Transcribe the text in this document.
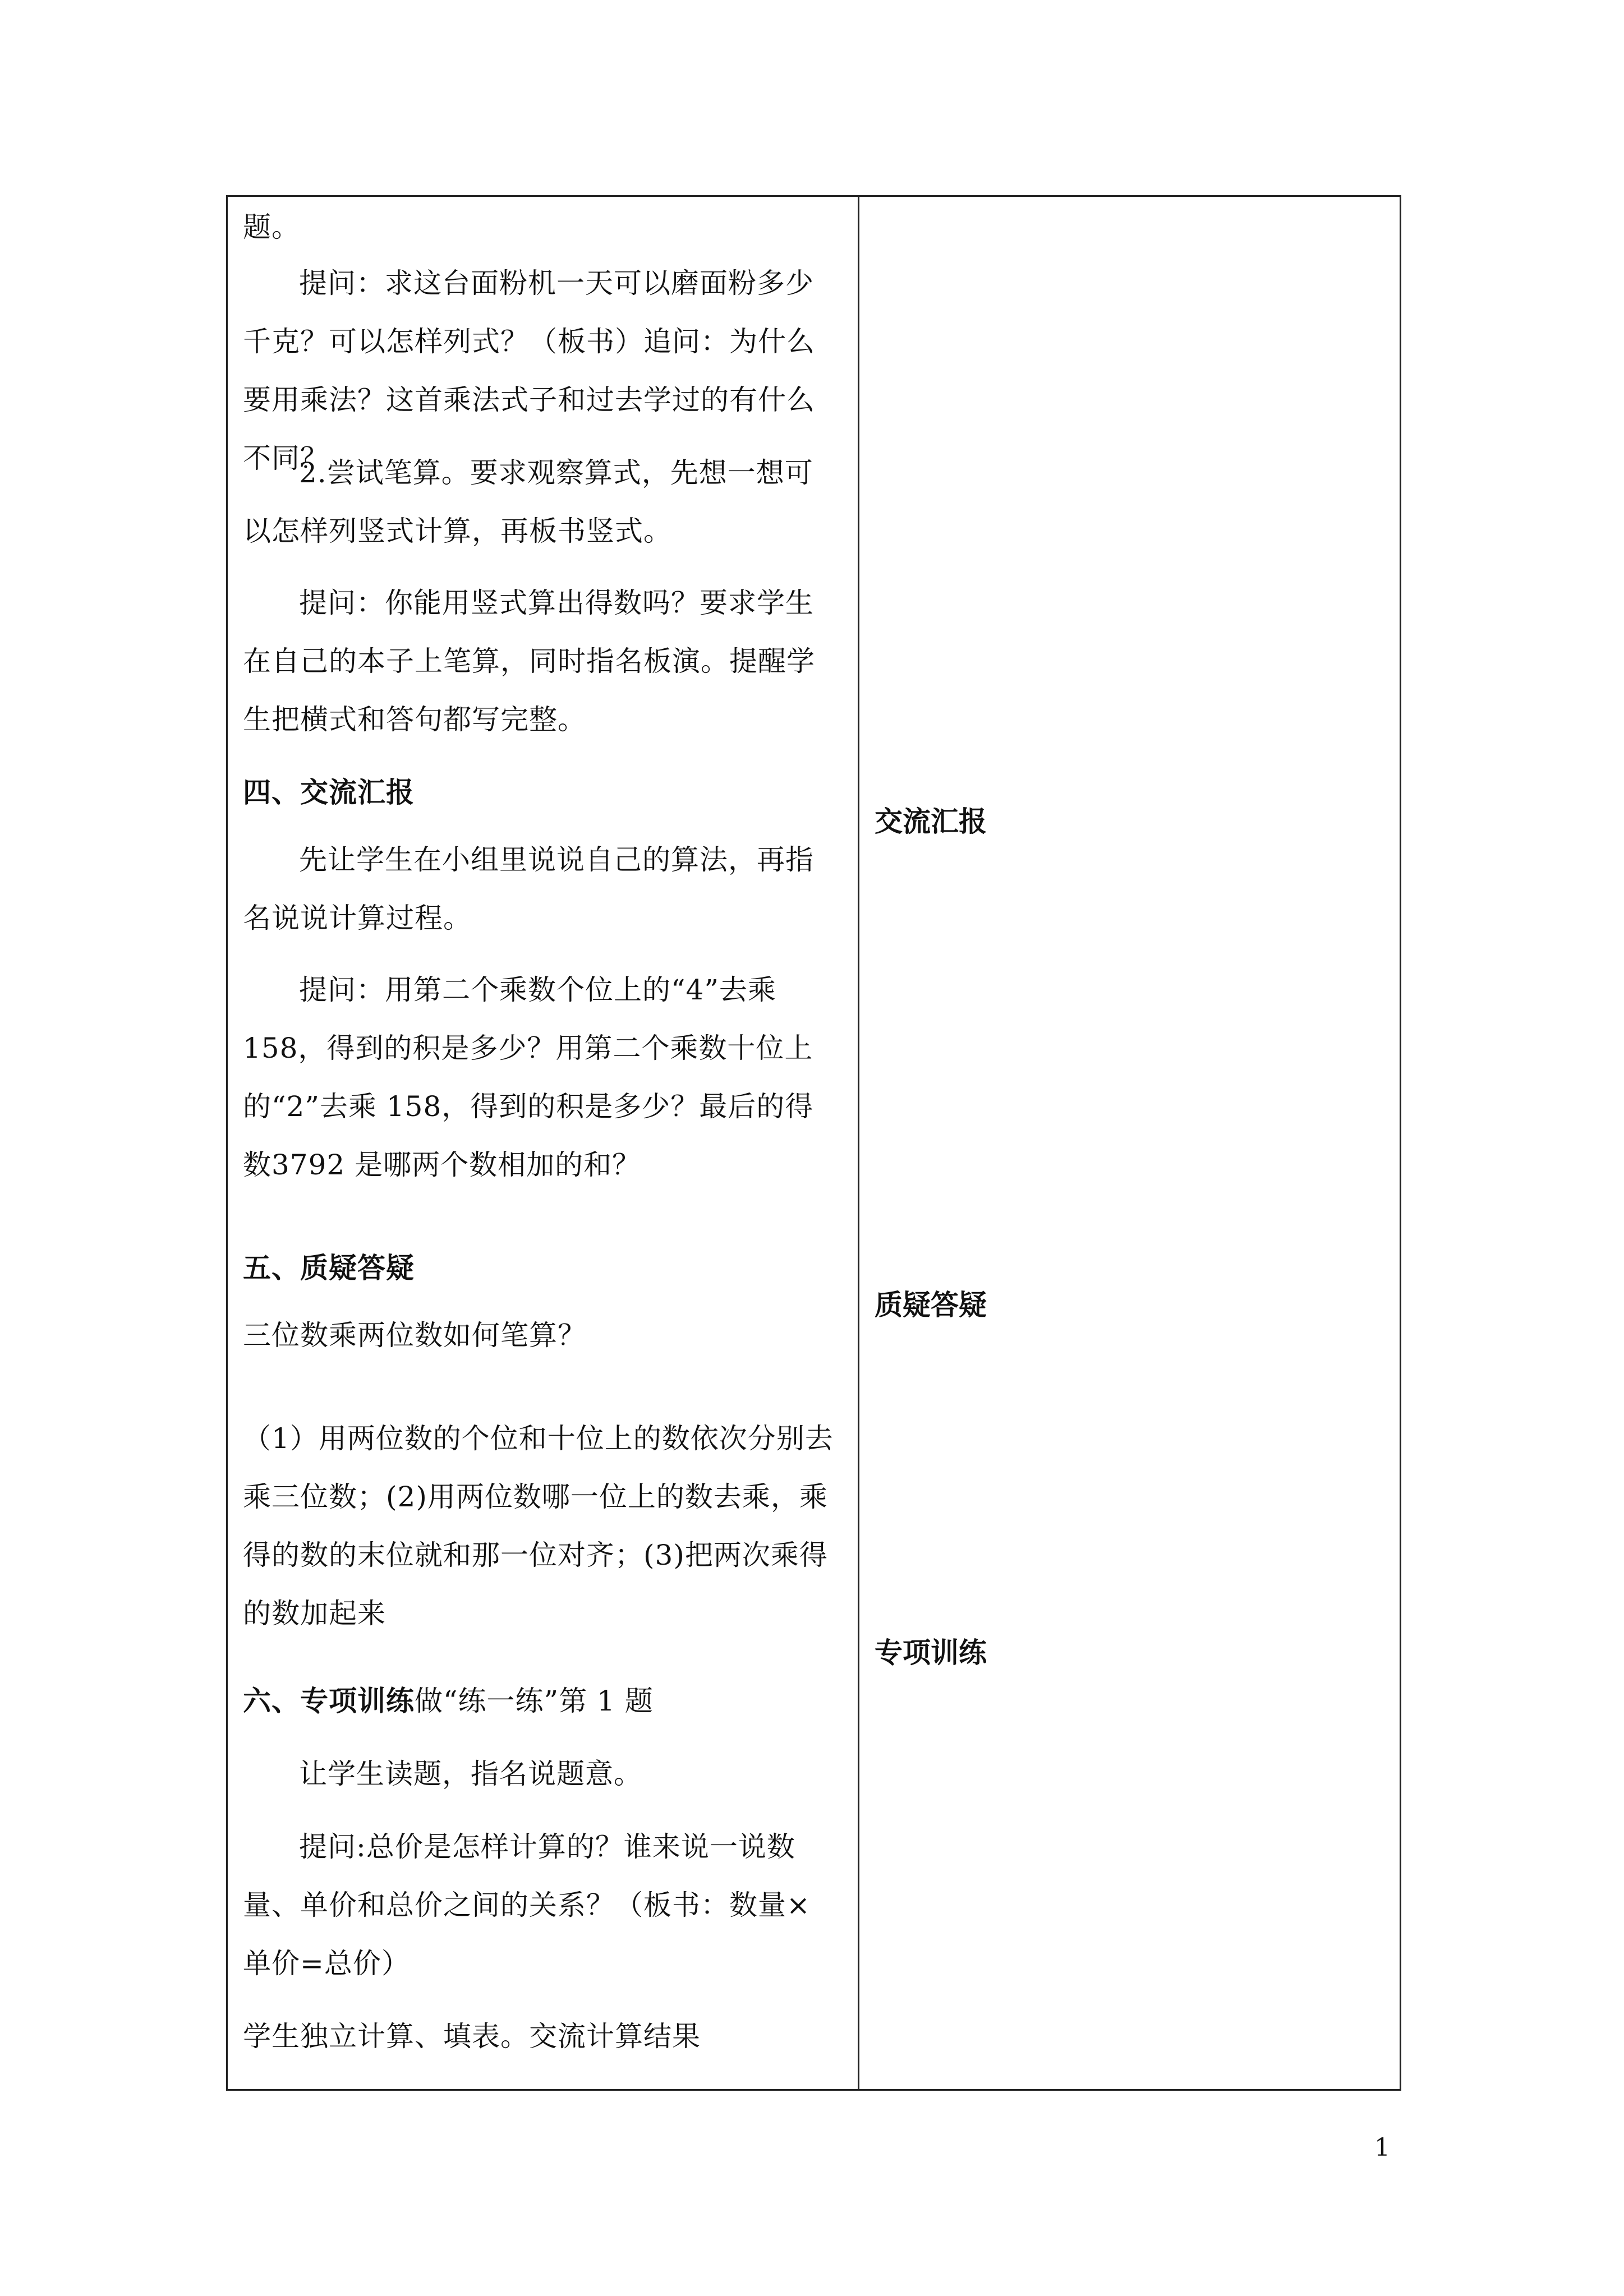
题。

提问：求这台面粉机一天可以磨面粉多少千克？可以怎样列式？（板书）追问：为什么要用乘法？这首乘法式子和过去学过的有什么不同？

2.尝试笔算。要求观察算式，先想一想可以怎样列竖式计算，再板书竖式。

提问：你能用竖式算出得数吗？要求学生在自己的本子上笔算，同时指名板演。提醒学生把横式和答句都写完整。

四、交流汇报

先让学生在小组里说说自己的算法，再指名说说计算过程。

提问：用第二个乘数个位上的“4”去乘158，得到的积是多少？用第二个乘数十位上的“2”去乘 158，得到的积是多少？最后的得数3792 是哪两个数相加的和？

五、质疑答疑

三位数乘两位数如何笔算？

（1）用两位数的个位和十位上的数依次分别去乘三位数；(2)用两位数哪一位上的数去乘，乘得的数的末位就和那一位对齐；(3)把两次乘得的数加起来

六、专项训练做“练一练”第 1 题

让学生读题，指名说题意。

提问:总价是怎样计算的？谁来说一说数量、单价和总价之间的关系？（板书：数量×单价=总价）

学生独立计算、填表。交流计算结果

交流汇报
质疑答疑
专项训练
1
